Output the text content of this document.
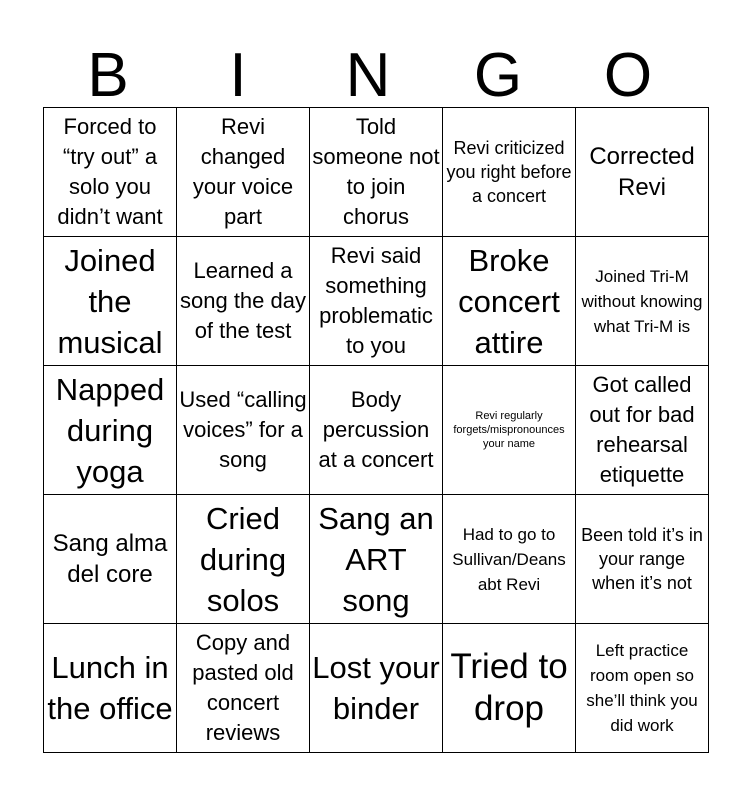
B	I	N	G	O
Forced to “try out” a solo you didn’t want	Revi changed your voice part	Told someone not to join chorus	Revi criticized you right before a concert	Corrected Revi
Joined the musical	Learned a song the day of the test	Revi said something problematic to you	Broke concert attire	Joined Tri-M without knowing what Tri-M is
Napped during yoga	Used “calling voices” for a song	Body percussion at a concert	Revi regularly forgets/mispronounces your name	Got called out for bad rehearsal etiquette
Sang alma del core	Cried during solos	Sang an ART song	Had to go to Sullivan/Deans abt Revi	Been told it’s in your range when it’s not
Lunch in the office	Copy and pasted old concert reviews	Lost your binder	Tried to drop	Left practice room open so she’ll think you did work
